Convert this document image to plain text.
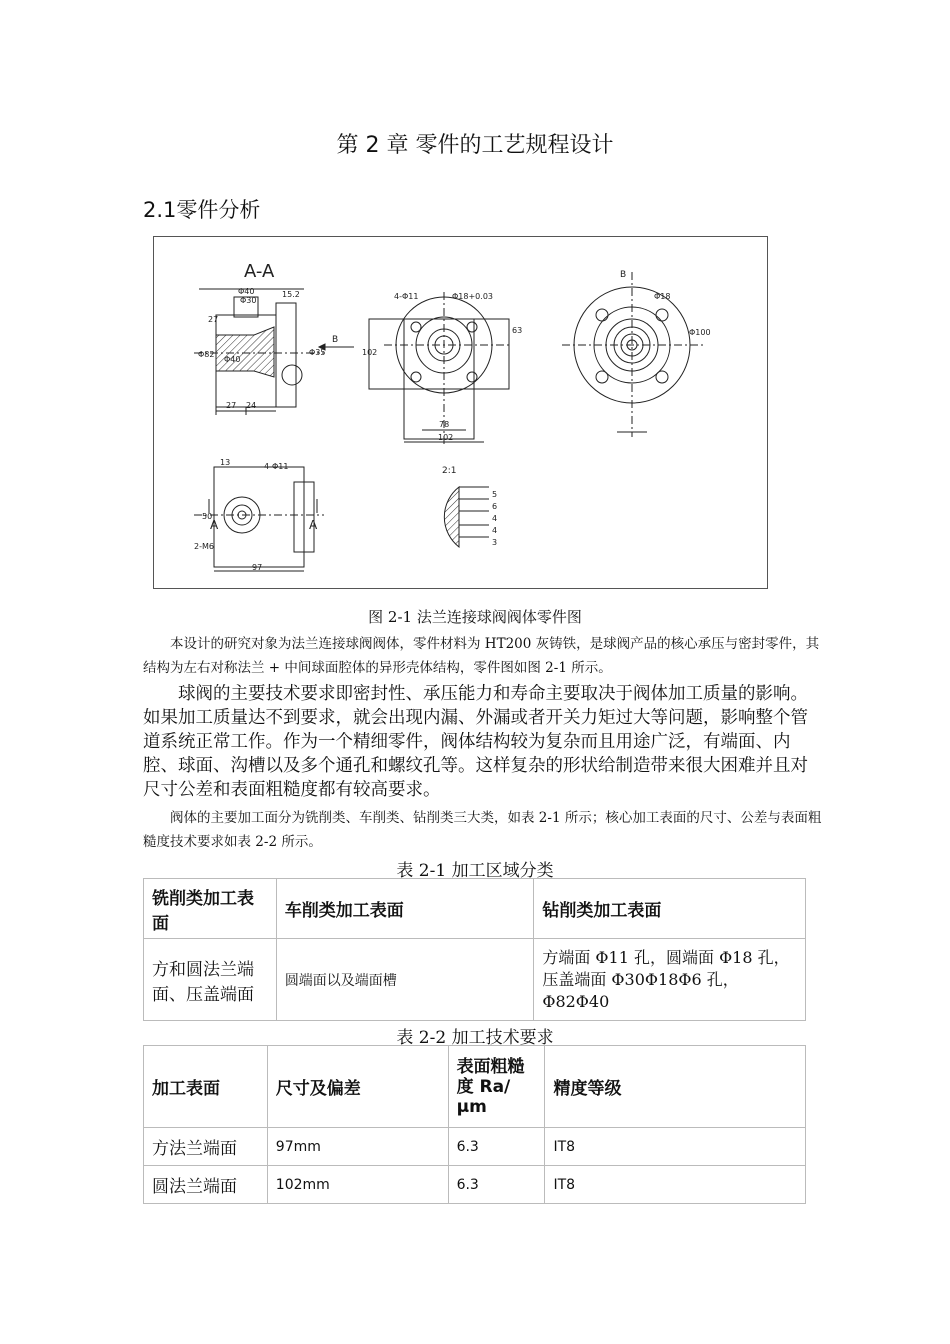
第 2 章 零件的工艺规程设计
2.1零件分析
A-A	B
B
2:1
A	A
Φ40
Φ30
15.2
27
27 24
Φ82
Φ40
Φ35	102
63
78
102
Φ18+0.03
4-Φ11
Φ100
Φ18
13
50
97
2-M6
4-Φ11
5
6
4
4
3
图 2-1 法兰连接球阀阀体零件图
本设计的研究对象为法兰连接球阀阀体，零件材料为 HT200 灰铸铁，是球阀产品的核心承压与密封零件，其结构为左右对称法兰 + 中间球面腔体的异形壳体结构，零件图如图 2-1 所示。
球阀的主要技术要求即密封性、承压能力和寿命主要取决于阀体加工质量的影响。如果加工质量达不到要求，就会出现内漏、外漏或者开关力矩过大等问题，影响整个管道系统正常工作。作为一个精细零件，阀体结构较为复杂而且用途广泛，有端面、内腔、球面、沟槽以及多个通孔和螺纹孔等。这样复杂的形状给制造带来很大困难并且对尺寸公差和表面粗糙度都有较高要求。
阀体的主要加工面分为铣削类、车削类、钻削类三大类，如表 2-1 所示；核心加工表面的尺寸、公差与表面粗糙度技术要求如表 2-2 所示。
表 2-1 加工区域分类
铣削类加工表面	车削类加工表面	钻削类加工表面
方和圆法兰端面、压盖端面	圆端面以及端面槽	方端面 Φ11 孔，圆端面 Φ18 孔，压盖端面 Φ30Φ18Φ6 孔， Φ82Φ40
表 2-2 加工技术要求
加工表面	尺寸及偏差	表面粗糙度 Ra/μm	精度等级
方法兰端面	97mm	6.3	IT8
圆法兰端面	102mm	6.3	IT8
